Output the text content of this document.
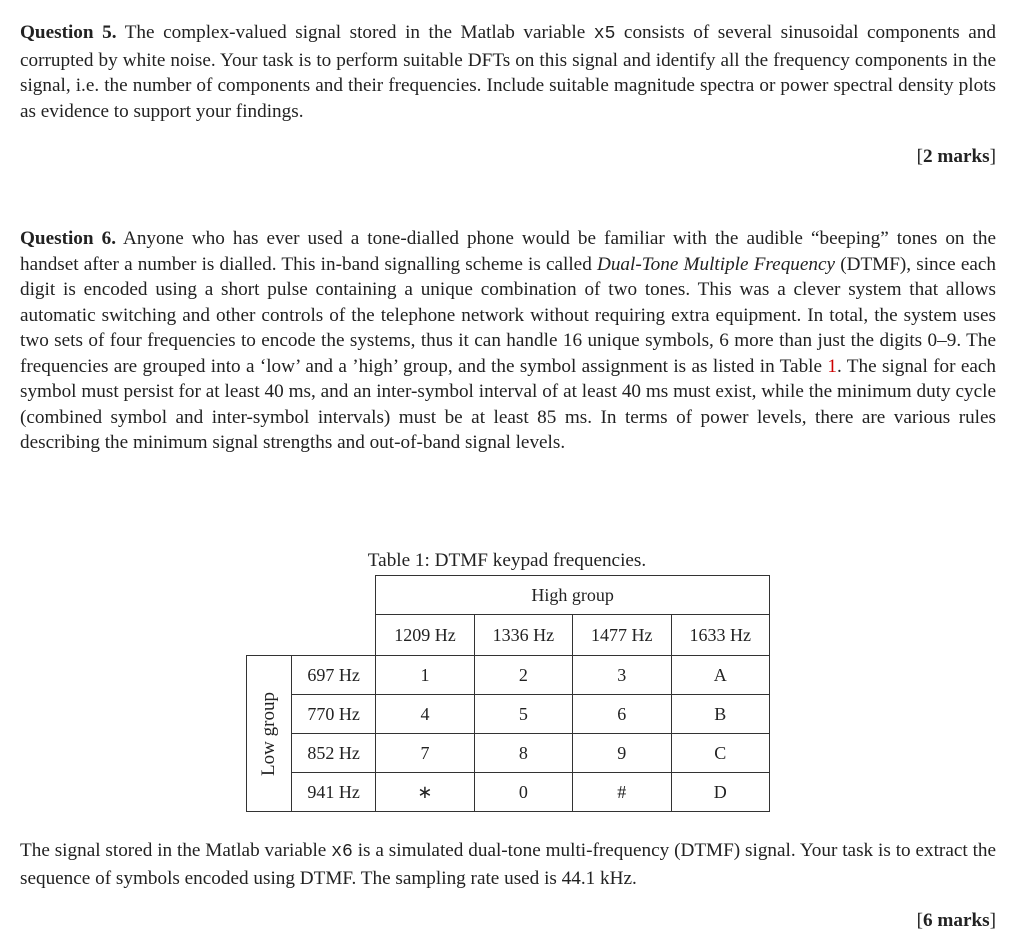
Question 5. The complex-valued signal stored in the Matlab variable x5 consists of several sinusoidal components and corrupted by white noise. Your task is to perform suitable DFTs on this signal and identify all the frequency components in the signal, i.e. the number of components and their frequencies. Include suitable magnitude spectra or power spectral density plots as evidence to support your findings.

[2 marks]

Question 6. Anyone who has ever used a tone-dialled phone would be familiar with the audible “beeping” tones on the handset after a number is dialled. This in-band signalling scheme is called Dual-Tone Multiple Frequency (DTMF), since each digit is encoded using a short pulse containing a unique combination of two tones. This was a clever system that allows automatic switching and other controls of the telephone network without requiring extra equipment. In total, the system uses two sets of four frequencies to encode the systems, thus it can handle 16 unique symbols, 6 more than just the digits 0–9. The frequencies are grouped into a ‘low’ and a ’high’ group, and the symbol assignment is as listed in Table 1. The signal for each symbol must persist for at least 40 ms, and an inter-symbol interval of at least 40 ms must exist, while the minimum duty cycle (combined symbol and inter-symbol intervals) must be at least 85 ms. In terms of power levels, there are various rules describing the minimum signal strengths and out-of-band signal levels.

Table 1: DTMF keypad frequencies.
		High group			
		1209 Hz	1336 Hz	1477 Hz	1633 Hz

Low group	697 Hz	1	2	3	A
	770 Hz	4	5	6	B
	852 Hz	7	8	9	C
	941 Hz	∗	0	#	D

The signal stored in the Matlab variable x6 is a simulated dual-tone multi-frequency (DTMF) signal. Your task is to extract the sequence of symbols encoded using DTMF. The sampling rate used is 44.1 kHz.

[6 marks]
